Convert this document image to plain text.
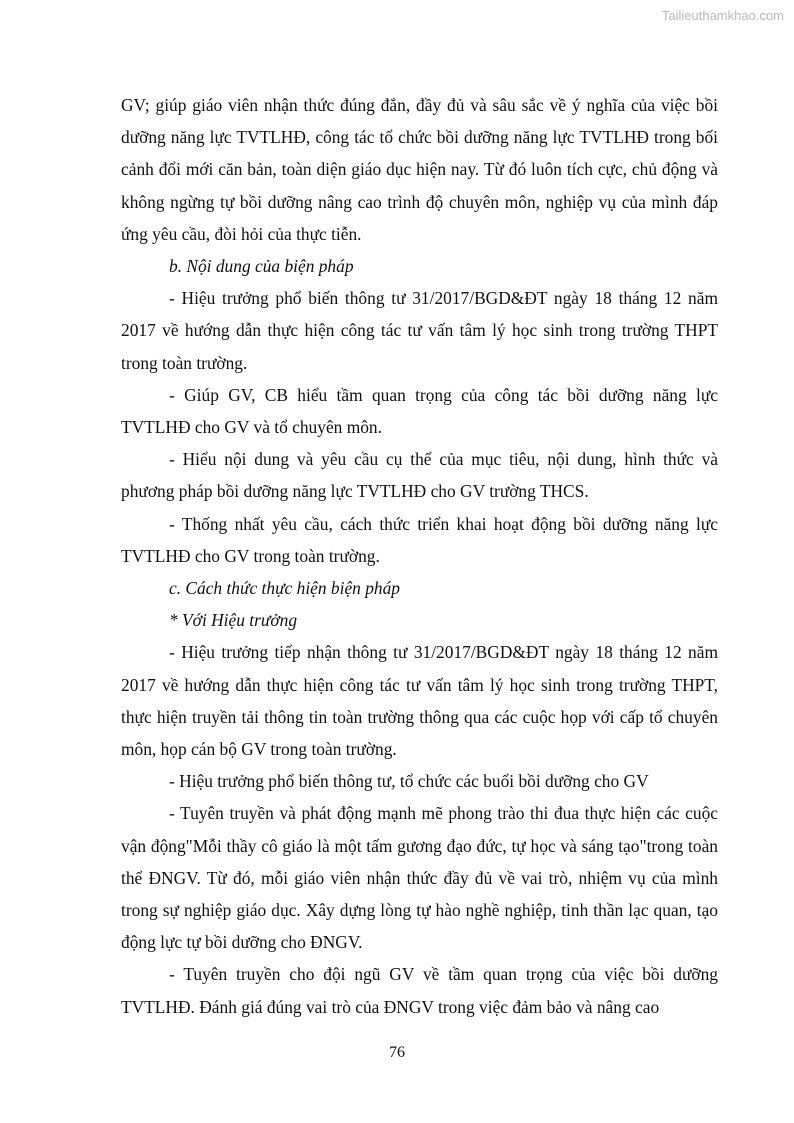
Tailieuthamkhao.com

GV; giúp giáo viên nhận thức đúng đắn, đầy đủ và sâu sắc về ý nghĩa của việc bồi dưỡng năng lực TVTLHĐ, công tác tổ chức bồi dưỡng năng lực TVTLHĐ trong bối cảnh đổi mới căn bản, toàn diện giáo dục hiện nay. Từ đó luôn tích cực, chủ động và không ngừng tự bồi dưỡng nâng cao trình độ chuyên môn, nghiệp vụ của mình đáp ứng yêu cầu, đòi hỏi của thực tiễn.

b. Nội dung của biện pháp

- Hiệu trưởng phổ biến thông tư 31/2017/BGD&ĐT ngày 18 tháng 12 năm 2017 về hướng dẫn thực hiện công tác tư vấn tâm lý học sinh trong trường THPT trong toàn trường.

- Giúp GV, CB hiểu tầm quan trọng của công tác bồi dưỡng năng lực TVTLHĐ cho GV và tổ chuyên môn.

- Hiểu nội dung và yêu cầu cụ thể của mục tiêu, nội dung, hình thức và phương pháp bồi dưỡng năng lực TVTLHĐ cho GV trường THCS.

- Thống nhất yêu cầu, cách thức triển khai hoạt động bồi dưỡng năng lực TVTLHĐ cho GV trong toàn trường.

c. Cách thức thực hiện biện pháp

* Với Hiệu trưởng

- Hiệu trưởng tiếp nhận thông tư 31/2017/BGD&ĐT ngày 18 tháng 12 năm 2017 về hướng dẫn thực hiện công tác tư vấn tâm lý học sinh trong trường THPT, thực hiện truyền tải thông tin toàn trường thông qua các cuộc họp với cấp tổ chuyên môn, họp cán bộ GV trong toàn trường.

- Hiệu trưởng phổ biến thông tư, tổ chức các buổi bồi dưỡng cho GV

- Tuyên truyền và phát động mạnh mẽ phong trào thi đua thực hiện các cuộc vận động"Mỗi thầy cô giáo là một tấm gương đạo đức, tự học và sáng tạo"trong toàn thể ĐNGV. Từ đó, mỗi giáo viên nhận thức đầy đủ về vai trò, nhiệm vụ của mình trong sự nghiệp giáo dục. Xây dựng lòng tự hào nghề nghiệp, tinh thần lạc quan, tạo động lực tự bồi dưỡng cho ĐNGV.

- Tuyên truyền cho đội ngũ GV về tầm quan trọng của việc bồi dưỡng TVTLHĐ. Đánh giá đúng vai trò của ĐNGV trong việc đảm bảo và nâng cao

76
